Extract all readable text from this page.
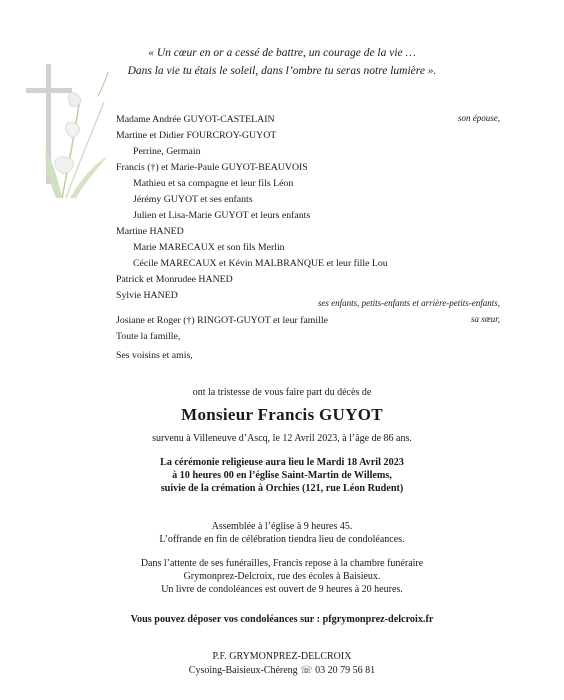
« Un cœur en or a cessé de battre, un courage de la vie …
Dans la vie tu étais le soleil, dans l’ombre tu seras notre lumière ».
Madame Andrée GUYOT-CASTELAIN	son épouse,
Martine et Didier FOURCROY-GUYOT
Perrine, Germain
Francis (†) et Marie-Paule GUYOT-BEAUVOIS
Mathieu et sa compagne et leur fils Léon
Jérémy GUYOT et ses enfants
Julien et Lisa-Marie GUYOT et leurs enfants
Martine HANED
Marie MARECAUX et son fils Merlin
Cécile MARECAUX et Kévin MALBRANQUE et leur fille Lou
Patrick et Monrudee HANED
Sylvie HANED
ses enfants, petits-enfants et arrière-petits-enfants,
Josiane et Roger (†) RINGOT-GUYOT et leur famille	sa sœur,
Toute la famille,
Ses voisins et amis,
ont la tristesse de vous faire part du décès de
Monsieur Francis GUYOT
survenu à Villeneuve d’Ascq, le 12 Avril 2023, à l’âge de 86 ans.
La cérémonie religieuse aura lieu le Mardi 18 Avril 2023
à 10 heures 00 en l’église Saint-Martin de Willems,
suivie de la crémation à Orchies (121, rue Léon Rudent)
Assemblée à l’église à 9 heures 45.
L’offrande en fin de célébration tiendra lieu de condoléances.
Dans l’attente de ses funérailles, Francis repose à la chambre funéraire
Grymonprez-Delcroix, rue des écoles à Baisieux.
Un livre de condoléances est ouvert de 9 heures à 20 heures.
Vous pouvez déposer vos condoléances sur : pfgrymonprez-delcroix.fr
P.F. GRYMONPREZ-DELCROIX
Cysoing-Baisieux-Chéreng ☏ 03 20 79 56 81
